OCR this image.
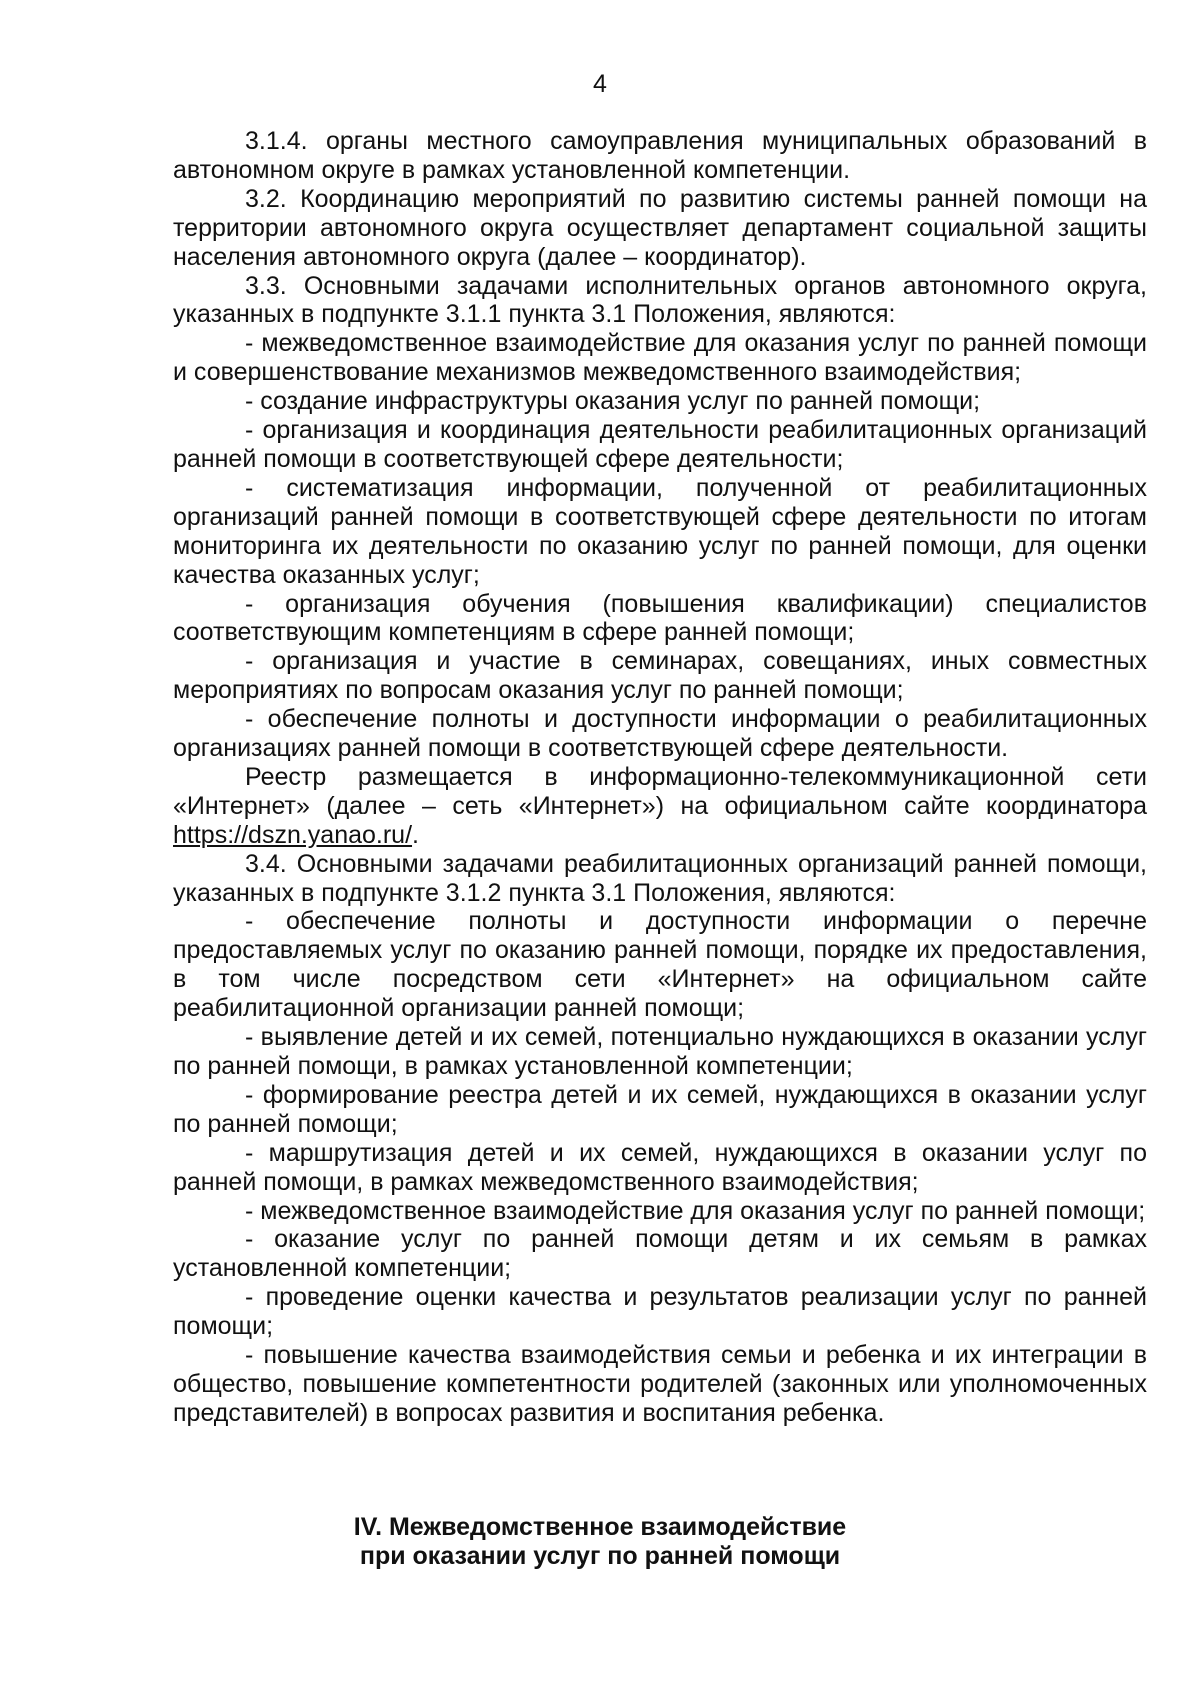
4

3.1.4. органы местного самоуправления муниципальных образований в автономном округе в рамках установленной компетенции.

3.2. Координацию мероприятий по развитию системы ранней помощи на территории автономного округа осуществляет департамент социальной защиты населения автономного округа (далее – координатор).

3.3. Основными задачами исполнительных органов автономного округа, указанных в подпункте 3.1.1 пункта 3.1 Положения, являются:

- межведомственное взаимодействие для оказания услуг по ранней помощи и совершенствование механизмов межведомственного взаимодействия;

- создание инфраструктуры оказания услуг по ранней помощи;

- организация и координация деятельности реабилитационных организаций ранней помощи в соответствующей сфере деятельности;

- систематизация информации, полученной от реабилитационных организаций ранней помощи в соответствующей сфере деятельности по итогам мониторинга их деятельности по оказанию услуг по ранней помощи, для оценки качества оказанных услуг;

- организация обучения (повышения квалификации) специалистов соответствующим компетенциям в сфере ранней помощи;

- организация и участие в семинарах, совещаниях, иных совместных мероприятиях по вопросам оказания услуг по ранней помощи;

- обеспечение полноты и доступности информации о реабилитационных организациях ранней помощи в соответствующей сфере деятельности.

Реестр размещается в информационно-телекоммуникационной сети «Интернет» (далее – сеть «Интернет») на официальном сайте координатора https://dszn.yanao.ru/.

3.4. Основными задачами реабилитационных организаций ранней помощи, указанных в подпункте 3.1.2 пункта 3.1 Положения, являются:

- обеспечение полноты и доступности информации о перечне предоставляемых услуг по оказанию ранней помощи, порядке их предоставления, в том числе посредством сети «Интернет» на официальном сайте реабилитационной организации ранней помощи;

- выявление детей и их семей, потенциально нуждающихся в оказании услуг по ранней помощи, в рамках установленной компетенции;

- формирование реестра детей и их семей, нуждающихся в оказании услуг по ранней помощи;

- маршрутизация детей и их семей, нуждающихся в оказании услуг по ранней помощи, в рамках межведомственного взаимодействия;

- межведомственное взаимодействие для оказания услуг по ранней помощи;

- оказание услуг по ранней помощи детям и их семьям в рамках установленной компетенции;

- проведение оценки качества и результатов реализации услуг по ранней помощи;

- повышение качества взаимодействия семьи и ребенка и их интеграции в общество, повышение компетентности родителей (законных или уполномоченных представителей) в вопросах развития и воспитания ребенка.

IV. Межведомственное взаимодействие
при оказании услуг по ранней помощи
